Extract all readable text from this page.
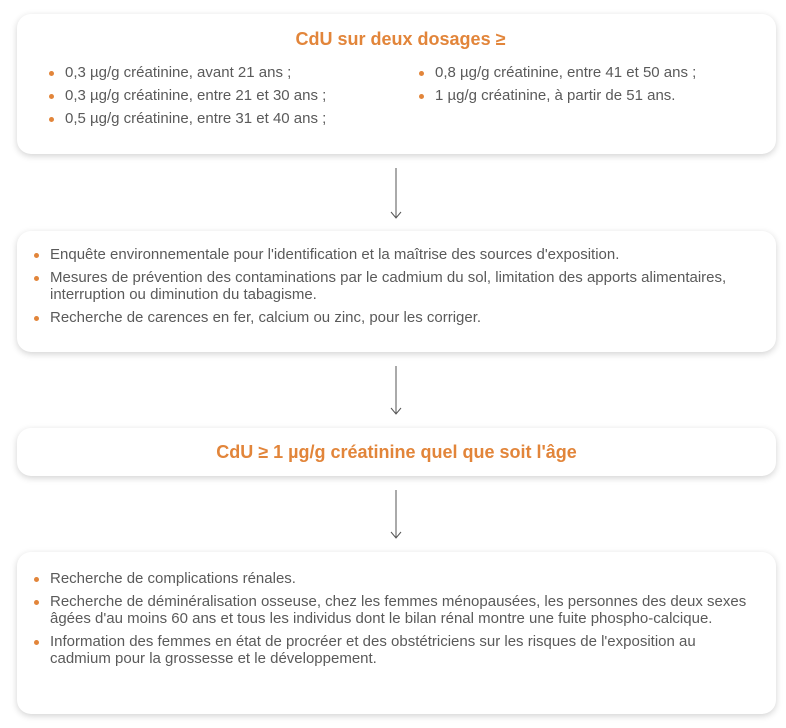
CdU sur deux dosages ≥
0,3 µg/g créatinine, avant 21 ans ;
0,3 µg/g créatinine, entre 21 et 30 ans ;
0,5 µg/g créatinine, entre 31 et 40 ans ;
0,8 µg/g créatinine, entre 41 et 50 ans ;
1 µg/g créatinine, à partir de 51 ans.
Enquête environnementale pour l'identification et la maîtrise des sources d'exposition.
Mesures de prévention des contaminations par le cadmium du sol, limitation des apports alimentaires, interruption ou diminution du tabagisme.
Recherche de carences en fer, calcium ou zinc, pour les corriger.
CdU ≥ 1 µg/g créatinine quel que soit l'âge
Recherche de complications rénales.
Recherche de déminéralisation osseuse, chez les femmes ménopausées, les personnes des deux sexes âgées d'au moins 60 ans et tous les individus dont le bilan rénal montre une fuite phospho-calcique.
Information des femmes en état de procréer et des obstétriciens sur les risques de l'exposition au cadmium pour la grossesse et le développement.
